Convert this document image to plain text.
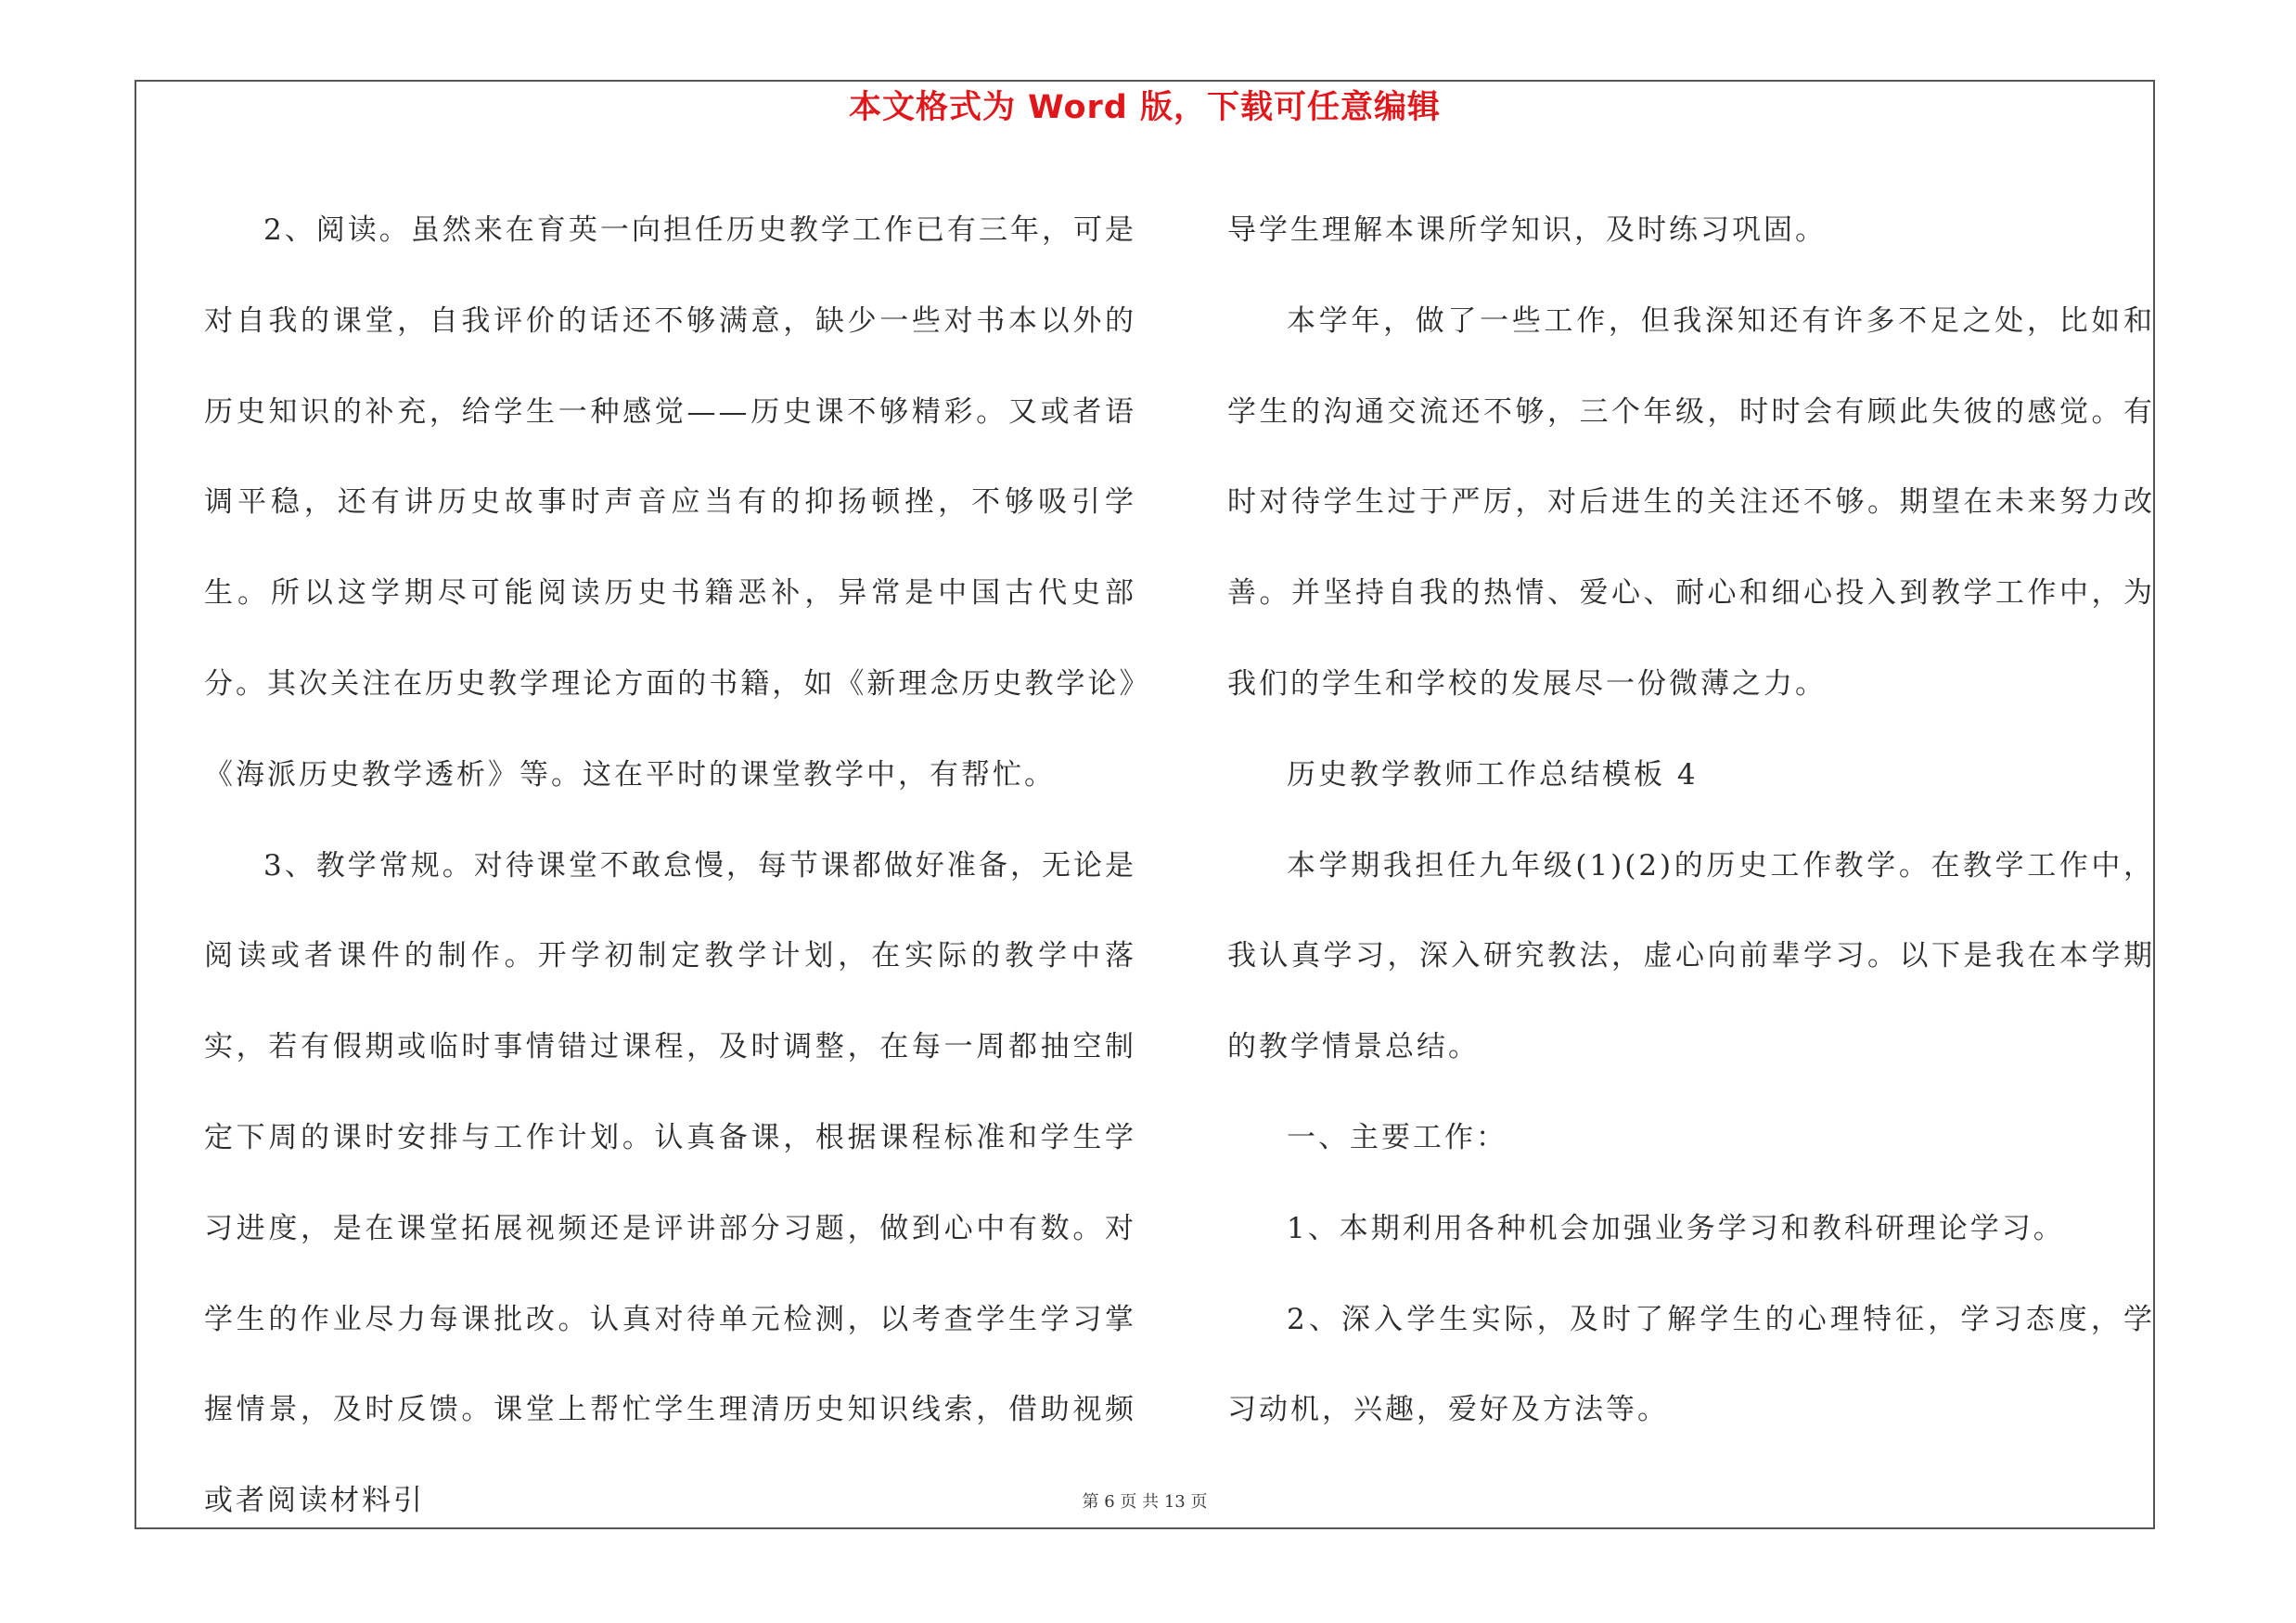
本文格式为 Word 版，下载可任意编辑

2、阅读。虽然来在育英一向担任历史教学工作已有三年，可是对自我的课堂，自我评价的话还不够满意，缺少一些对书本以外的历史知识的补充，给学生一种感觉——历史课不够精彩。又或者语调平稳，还有讲历史故事时声音应当有的抑扬顿挫，不够吸引学生。所以这学期尽可能阅读历史书籍恶补，异常是中国古代史部分。其次关注在历史教学理论方面的书籍，如《新理念历史教学论》《海派历史教学透析》等。这在平时的课堂教学中，有帮忙。

3、教学常规。对待课堂不敢怠慢，每节课都做好准备，无论是阅读或者课件的制作。开学初制定教学计划，在实际的教学中落实，若有假期或临时事情错过课程，及时调整，在每一周都抽空制定下周的课时安排与工作计划。认真备课，根据课程标准和学生学习进度，是在课堂拓展视频还是评讲部分习题，做到心中有数。对学生的作业尽力每课批改。认真对待单元检测，以考查学生学习掌握情景，及时反馈。课堂上帮忙学生理清历史知识线索，借助视频或者阅读材料引

导学生理解本课所学知识，及时练习巩固。

本学年，做了一些工作，但我深知还有许多不足之处，比如和学生的沟通交流还不够，三个年级，时时会有顾此失彼的感觉。有时对待学生过于严厉，对后进生的关注还不够。期望在未来努力改善。并坚持自我的热情、爱心、耐心和细心投入到教学工作中，为我们的学生和学校的发展尽一份微薄之力。

历史教学教师工作总结模板 4

本学期我担任九年级(1)(2)的历史工作教学。在教学工作中，我认真学习，深入研究教法，虚心向前辈学习。以下是我在本学期的教学情景总结。

一、主要工作：

1、本期利用各种机会加强业务学习和教科研理论学习。

2、深入学生实际，及时了解学生的心理特征，学习态度，学习动机，兴趣，爱好及方法等。

第 6 页 共 13 页
